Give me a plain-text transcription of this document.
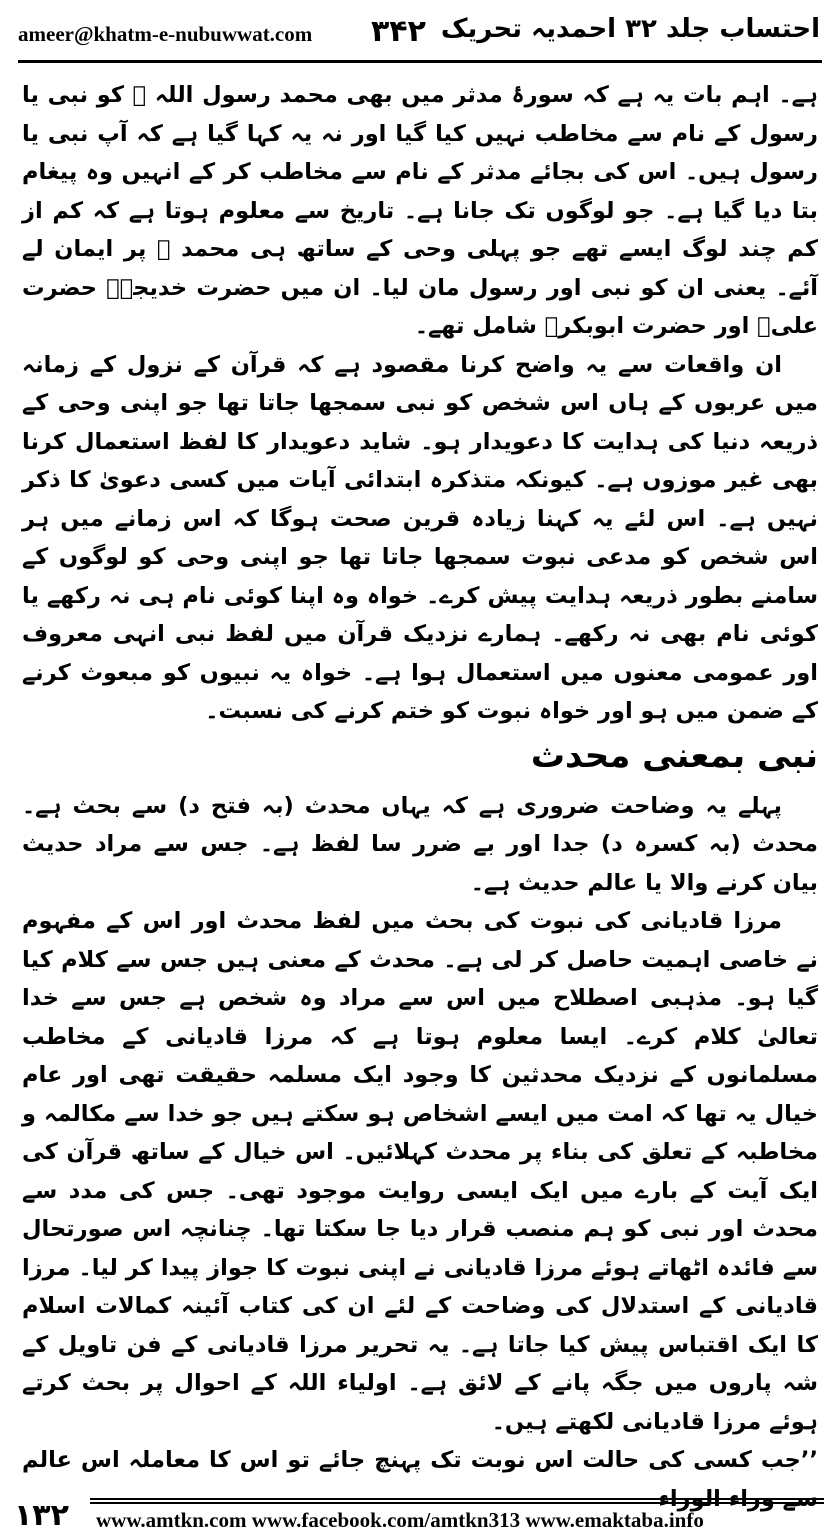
ameer@khatm-e-nubuwwat.com ۳۴۲ احتساب جلد ۳۲ احمدیہ تحریک

ہے۔ اہم بات یہ ہے کہ سورۂ مدثر میں بھی محمد رسول اللہ ﷺ کو نبی یا رسول کے نام سے مخاطب نہیں کیا گیا اور نہ یہ کہا گیا ہے کہ آپ نبی یا رسول ہیں۔ اس کی بجائے مدثر کے نام سے مخاطب کر کے انہیں وہ پیغام بتا دیا گیا ہے۔ جو لوگوں تک جانا ہے۔ تاریخ سے معلوم ہوتا ہے کہ کم از کم چند لوگ ایسے تھے جو پہلی وحی کے ساتھ ہی محمد ﷺ پر ایمان لے آئے۔ یعنی ان کو نبی اور رسول مان لیا۔ ان میں حضرت خدیجہؓ حضرت علیؓ اور حضرت ابوبکرؓ شامل تھے۔

ان واقعات سے یہ واضح کرنا مقصود ہے کہ قرآن کے نزول کے زمانہ میں عربوں کے ہاں اس شخص کو نبی سمجھا جاتا تھا جو اپنی وحی کے ذریعہ دنیا کی ہدایت کا دعویدار ہو۔ شاید دعویدار کا لفظ استعمال کرنا بھی غیر موزوں ہے۔ کیونکہ متذکرہ ابتدائی آیات میں کسی دعویٰ کا ذکر نہیں ہے۔ اس لئے یہ کہنا زیادہ قرین صحت ہوگا کہ اس زمانے میں ہر اس شخص کو مدعی نبوت سمجھا جاتا تھا جو اپنی وحی کو لوگوں کے سامنے بطور ذریعہ ہدایت پیش کرے۔ خواہ وہ اپنا کوئی نام ہی نہ رکھے یا کوئی نام بھی نہ رکھے۔ ہمارے نزدیک قرآن میں لفظ نبی انہی معروف اور عمومی معنوں میں استعمال ہوا ہے۔ خواہ یہ نبیوں کو مبعوث کرنے کے ضمن میں ہو اور خواہ نبوت کو ختم کرنے کی نسبت۔

نبی بمعنی محدث

پہلے یہ وضاحت ضروری ہے کہ یہاں محدث (بہ فتح د) سے بحث ہے۔ محدث (بہ کسرہ د) جدا اور بے ضرر سا لفظ ہے۔ جس سے مراد حدیث بیان کرنے والا یا عالم حدیث ہے۔

مرزا قادیانی کی نبوت کی بحث میں لفظ محدث اور اس کے مفہوم نے خاصی اہمیت حاصل کر لی ہے۔ محدث کے معنی ہیں جس سے کلام کیا گیا ہو۔ مذہبی اصطلاح میں اس سے مراد وہ شخص ہے جس سے خدا تعالیٰ کلام کرے۔ ایسا معلوم ہوتا ہے کہ مرزا قادیانی کے مخاطب مسلمانوں کے نزدیک محدثین کا وجود ایک مسلمہ حقیقت تھی اور عام خیال یہ تھا کہ امت میں ایسے اشخاص ہو سکتے ہیں جو خدا سے مکالمہ و مخاطبہ کے تعلق کی بناء پر محدث کہلائیں۔ اس خیال کے ساتھ قرآن کی ایک آیت کے بارے میں ایک ایسی روایت موجود تھی۔ جس کی مدد سے محدث اور نبی کو ہم منصب قرار دیا جا سکتا تھا۔ چنانچہ اس صورتحال سے فائدہ اٹھاتے ہوئے مرزا قادیانی نے اپنی نبوت کا جواز پیدا کر لیا۔ مرزا قادیانی کے استدلال کی وضاحت کے لئے ان کی کتاب آئینہ کمالات اسلام کا ایک اقتباس پیش کیا جاتا ہے۔ یہ تحریر مرزا قادیانی کے فن تاویل کے شہ پاروں میں جگہ پانے کے لائق ہے۔ اولیاء اللہ کے احوال پر بحث کرتے ہوئے مرزا قادیانی لکھتے ہیں۔

’’جب کسی کی حالت اس نوبت تک پہنچ جائے تو اس کا معاملہ اس عالم

۱۳۲ www.amtkn.com www.facebook.com/amtkn313 www.emaktaba.info
